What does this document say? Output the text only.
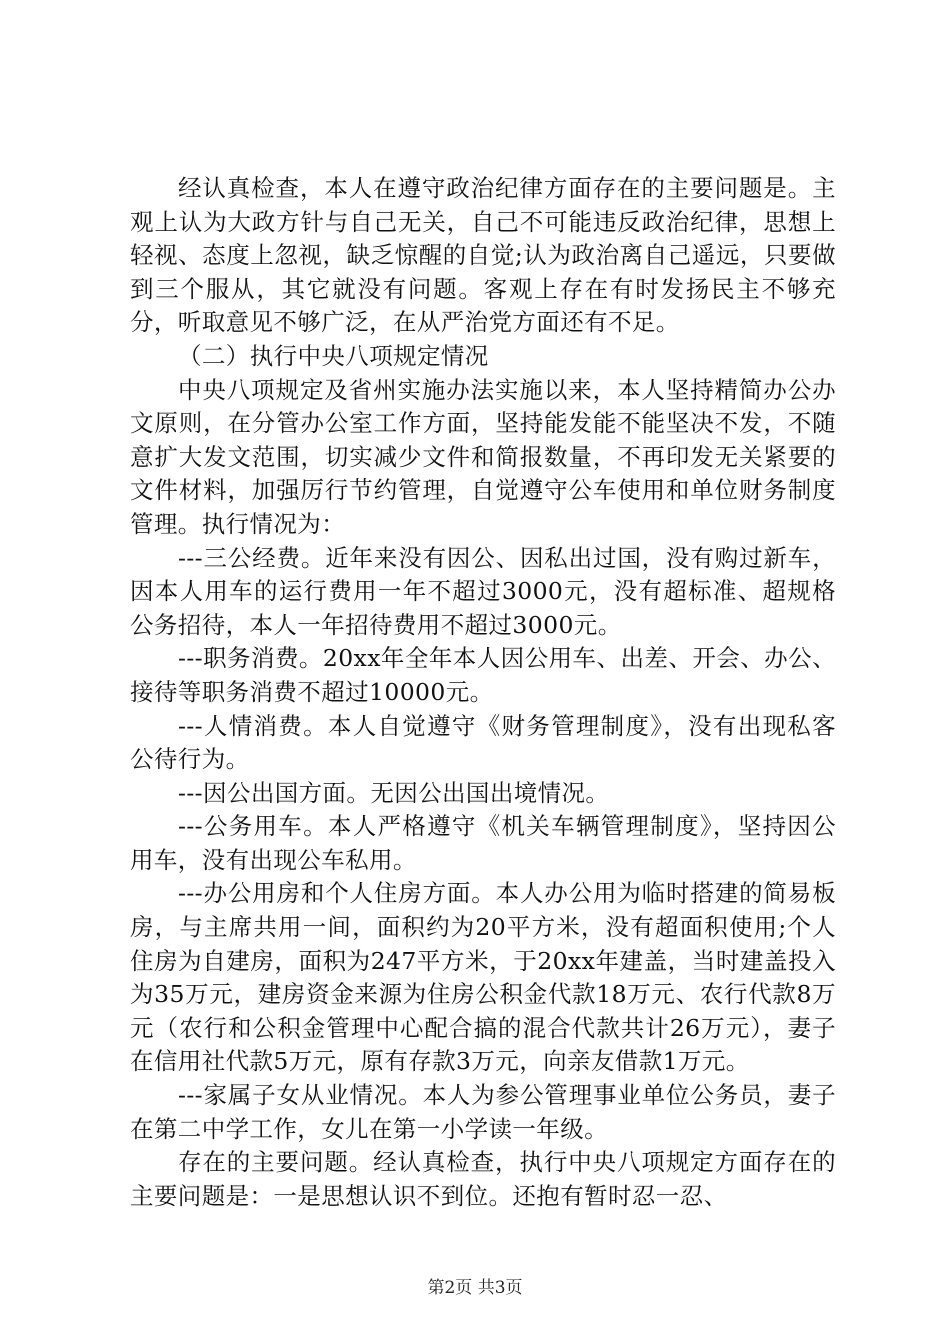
经认真检查，本人在遵守政治纪律方面存在的主要问题是。主观上认为大政方针与自己无关，自己不可能违反政治纪律，思想上轻视、态度上忽视，缺乏惊醒的自觉;认为政治离自己遥远，只要做到三个服从，其它就没有问题。客观上存在有时发扬民主不够充分，听取意见不够广泛，在从严治党方面还有不足。

（二）执行中央八项规定情况

中央八项规定及省州实施办法实施以来，本人坚持精简办公办文原则，在分管办公室工作方面，坚持能发能不能坚决不发，不随意扩大发文范围，切实减少文件和简报数量，不再印发无关紧要的文件材料，加强厉行节约管理，自觉遵守公车使用和单位财务制度管理。执行情况为：

---三公经费。近年来没有因公、因私出过国，没有购过新车，因本人用车的运行费用一年不超过3000元，没有超标准、超规格公务招待，本人一年招待费用不超过3000元。

---职务消费。20xx年全年本人因公用车、出差、开会、办公、接待等职务消费不超过10000元。

---人情消费。本人自觉遵守《财务管理制度》，没有出现私客公待行为。

---因公出国方面。无因公出国出境情况。

---公务用车。本人严格遵守《机关车辆管理制度》，坚持因公用车，没有出现公车私用。

---办公用房和个人住房方面。本人办公用为临时搭建的简易板房，与主席共用一间，面积约为20平方米，没有超面积使用;个人住房为自建房，面积为247平方米，于20xx年建盖，当时建盖投入为35万元，建房资金来源为住房公积金代款18万元、农行代款8万元（农行和公积金管理中心配合搞的混合代款共计26万元），妻子在信用社代款5万元，原有存款3万元，向亲友借款1万元。

---家属子女从业情况。本人为参公管理事业单位公务员，妻子在第二中学工作，女儿在第一小学读一年级。

存在的主要问题。经认真检查，执行中央八项规定方面存在的主要问题是：一是思想认识不到位。还抱有暂时忍一忍、

第2页 共3页
